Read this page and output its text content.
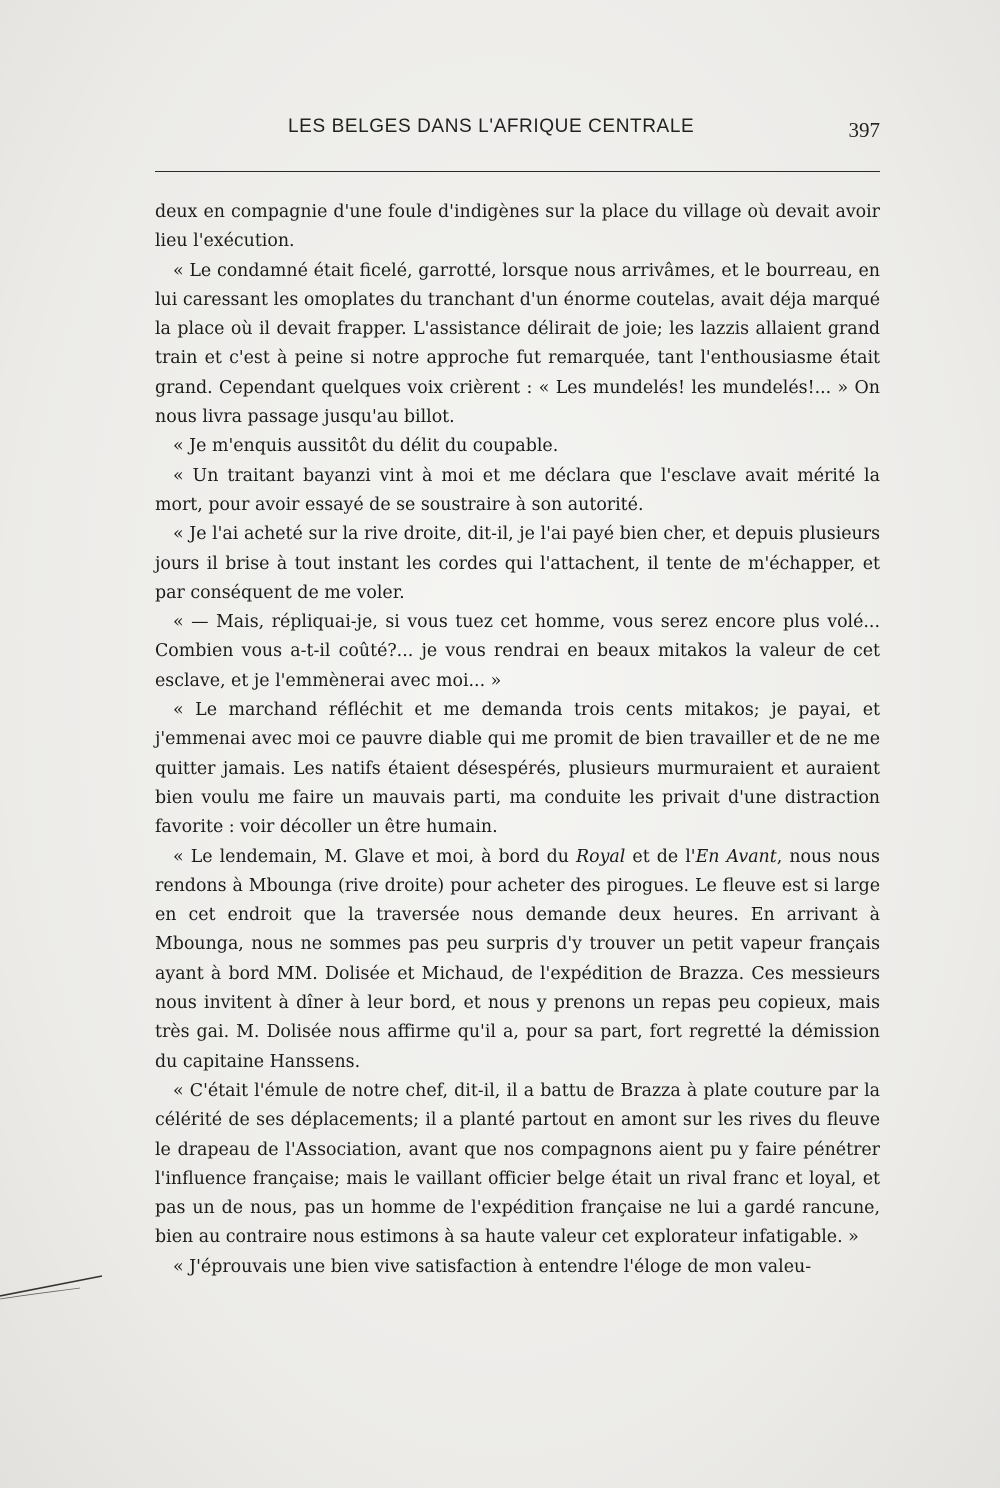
LES BELGES DANS L'AFRIQUE CENTRALE	397

deux en compagnie d'une foule d'indigènes sur la place du village où devait avoir lieu l'exécution.

« Le condamné était ficelé, garrotté, lorsque nous arrivâmes, et le bourreau, en lui caressant les omoplates du tranchant d'un énorme coutelas, avait déja marqué la place où il devait frapper. L'assistance délirait de joie; les lazzis allaient grand train et c'est à peine si notre approche fut remarquée, tant l'enthousiasme était grand. Cependant quelques voix crièrent : « Les mundelés! les mundelés!... » On nous livra passage jusqu'au billot.

« Je m'enquis aussitôt du délit du coupable.

« Un traitant bayanzi vint à moi et me déclara que l'esclave avait mérité la mort, pour avoir essayé de se soustraire à son autorité.

« Je l'ai acheté sur la rive droite, dit-il, je l'ai payé bien cher, et depuis plusieurs jours il brise à tout instant les cordes qui l'attachent, il tente de m'échapper, et par conséquent de me voler.

« — Mais, répliquai-je, si vous tuez cet homme, vous serez encore plus volé... Combien vous a-t-il coûté?... je vous rendrai en beaux mitakos la valeur de cet esclave, et je l'emmènerai avec moi... »

« Le marchand réfléchit et me demanda trois cents mitakos; je payai, et j'emmenai avec moi ce pauvre diable qui me promit de bien travailler et de ne me quitter jamais. Les natifs étaient désespérés, plusieurs murmuraient et auraient bien voulu me faire un mauvais parti, ma conduite les privait d'une distraction favorite : voir décoller un être humain.

« Le lendemain, M. Glave et moi, à bord du Royal et de l'En Avant, nous nous rendons à Mbounga (rive droite) pour acheter des pirogues. Le fleuve est si large en cet endroit que la traversée nous demande deux heures. En arrivant à Mbounga, nous ne sommes pas peu surpris d'y trouver un petit vapeur français ayant à bord MM. Dolisée et Michaud, de l'expédition de Brazza. Ces messieurs nous invitent à dîner à leur bord, et nous y prenons un repas peu copieux, mais très gai. M. Dolisée nous affirme qu'il a, pour sa part, fort regretté la démission du capitaine Hanssens.

« C'était l'émule de notre chef, dit-il, il a battu de Brazza à plate couture par la célérité de ses déplacements; il a planté partout en amont sur les rives du fleuve le drapeau de l'Association, avant que nos compagnons aient pu y faire pénétrer l'influence française; mais le vaillant officier belge était un rival franc et loyal, et pas un de nous, pas un homme de l'expédition française ne lui a gardé rancune, bien au contraire nous estimons à sa haute valeur cet explorateur infatigable. »

« J'éprouvais une bien vive satisfaction à entendre l'éloge de mon valeu-
